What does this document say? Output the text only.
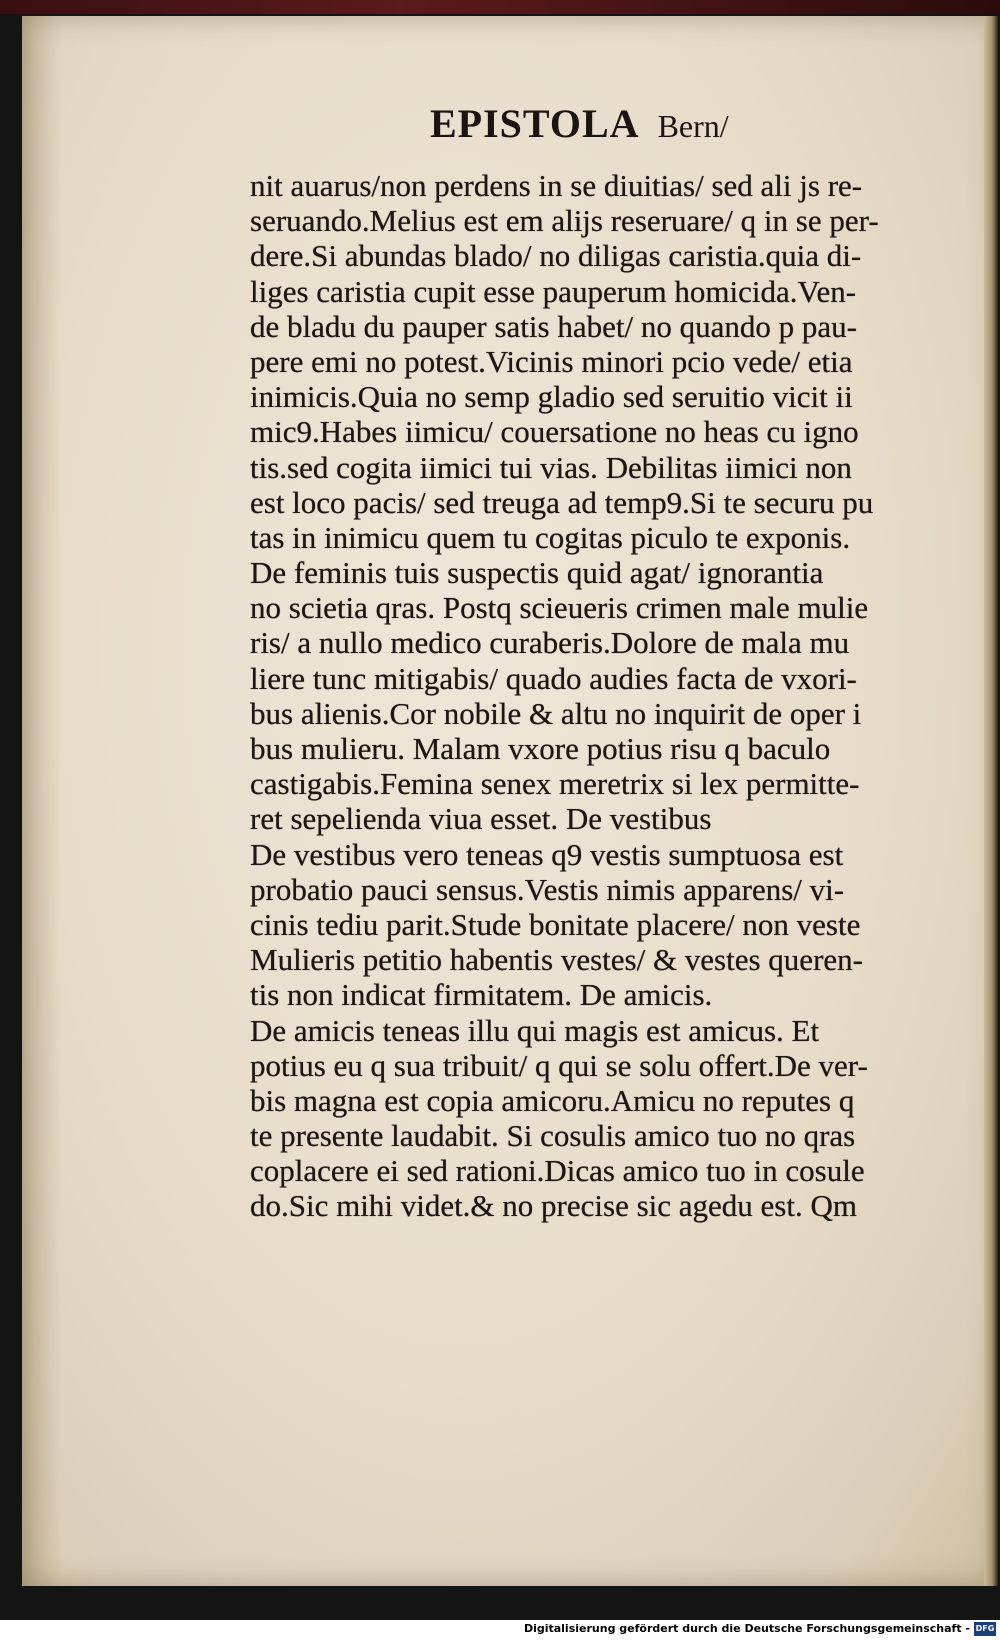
EPISTOLA Bern/
nit auarus/non perdens in se diuitias/ sed ali js re-
seruando.Melius est em alijs reseruare/ q in se per-
dere.Si abundas blado/ no diligas caristia.quia di-
liges caristia cupit esse pauperum homicida.Ven-
de bladu du pauper satis habet/ no quando p pau-
pere emi no potest.Vicinis minori pcio vede/ etia
inimicis.Quia no semp gladio sed seruitio vicit ii
mic9.Habes iimicu/ couersatione no heas cu igno
tis.sed cogita iimici tui vias. Debilitas iimici non
est loco pacis/ sed treuga ad temp9.Si te securu pu
tas in inimicu quem tu cogitas piculo te exponis.
De feminis tuis suspectis quid agat/ ignorantia
no scietia qras. Postq scieueris crimen male mulie
ris/ a nullo medico curaberis.Dolore de mala mu
liere tunc mitigabis/ quado audies facta de vxori-
bus alienis.Cor nobile & altu no inquirit de oper i
bus mulieru. Malam vxore potius risu q baculo
castigabis.Femina senex meretrix si lex permitte-
ret sepelienda viua esset. De vestibus
De vestibus vero teneas q9 vestis sumptuosa est
probatio pauci sensus.Vestis nimis apparens/ vi-
cinis tediu parit.Stude bonitate placere/ non veste
Mulieris petitio habentis vestes/ & vestes queren-
tis non indicat firmitatem. De amicis.
De amicis teneas illu qui magis est amicus. Et
potius eu q sua tribuit/ q qui se solu offert.De ver-
bis magna est copia amicoru.Amicu no reputes q
te presente laudabit. Si cosulis amico tuo no qras
coplacere ei sed rationi.Dicas amico tuo in cosule
do.Sic mihi videt.& no precise sic agedu est. Qm
Digitalisierung gefördert durch die Deutsche Forschungsgemeinschaft - DFG
